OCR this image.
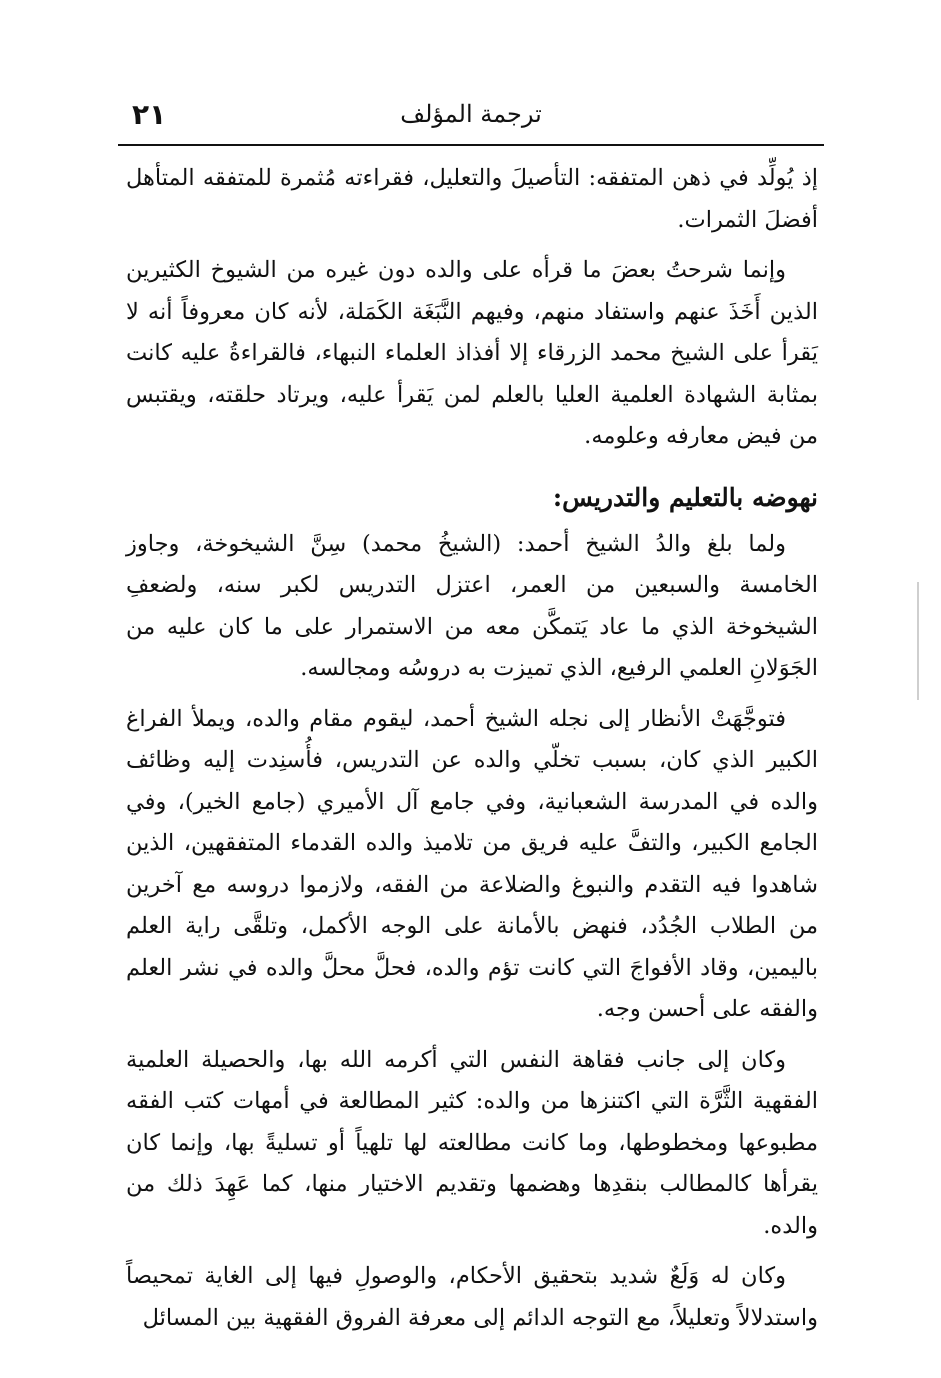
٢١	ترجمة المؤلف

إذ يُولِّد في ذهن المتفقه: التأصيلَ والتعليل، فقراءته مُثمرة للمتفقه المتأهل أفضلَ الثمرات.

وإنما شرحتُ بعضَ ما قرأه على والده دون غيره من الشيوخ الكثيرين الذين أَخَذَ عنهم واستفاد منهم، وفيهم النَّبَغَة الكَمَلة، لأنه كان معروفاً أنه لا يَقرأ على الشيخ محمد الزرقاء إلا أفذاذ العلماء النبهاء، فالقراءةُ عليه كانت بمثابة الشهادة العلمية العليا بالعلم لمن يَقرأ عليه، ويرتاد حلقته، ويقتبس من فيض معارفه وعلومه.

نهوضه بالتعليم والتدريس:

ولما بلغ والدُ الشيخ أحمد: (الشيخُ محمد) سِنَّ الشيخوخة، وجاوز الخامسة والسبعين من العمر، اعتزل التدريس لكبر سنه، ولضعفِ الشيخوخة الذي ما عاد يَتمكَّن معه من الاستمرار على ما كان عليه من الجَوَلانِ العلمي الرفيع، الذي تميزت به دروسُه ومجالسه.

فتوجَّهَتْ الأنظار إلى نجله الشيخ أحمد، ليقوم مقام والده، ويملأ الفراغ الكبير الذي كان، بسبب تخلّي والده عن التدريس، فأُسنِدت إليه وظائف والده في المدرسة الشعبانية، وفي جامع آل الأميري (جامع الخير)، وفي الجامع الكبير، والتفَّ عليه فريق من تلاميذ والده القدماء المتفقهين، الذين شاهدوا فيه التقدم والنبوغ والضلاعة من الفقه، ولازموا دروسه مع آخرين من الطلاب الجُدُد، فنهض بالأمانة على الوجه الأكمل، وتلقَّى راية العلم باليمين، وقاد الأفواجَ التي كانت تؤم والده، فحلَّ محلَّ والده في نشر العلم والفقه على أحسن وجه.

وكان إلى جانب فقاهة النفس التي أكرمه الله بها، والحصيلة العلمية الفقهية الثَّرَّة التي اكتنزها من والده: كثير المطالعة في أمهات كتب الفقه مطبوعها ومخطوطها، وما كانت مطالعته لها تلهياً أو تسليةً بها، وإنما كان يقرأها كالمطالب بنقدِها وهضمها وتقديم الاختيار منها، كما عَهِدَ ذلك من والده.

وكان له وَلَعٌ شديد بتحقيق الأحكام، والوصولِ فيها إلى الغاية تمحيصاً واستدلالاً وتعليلاً، مع التوجه الدائم إلى معرفة الفروق الفقهية بين المسائل
